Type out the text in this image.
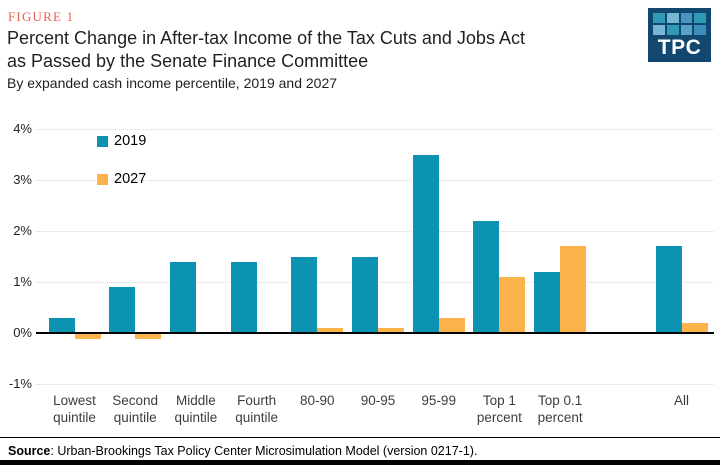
FIGURE 1
Percent Change in After-tax Income of the Tax Cuts and Jobs Act
as Passed by the Senate Finance Committee
By expanded cash income percentile, 2019 and 2027
TPC
4%
3%
2%
1%
0%
-1%
2019
2027
Lowest quintile
Second quintile
Middle quintile
Fourth quintile
80-90	90-95	95-99	Top 1 percent
Top 0.1 percent
All
Source: Urban-Brookings Tax Policy Center Microsimulation Model (version 0217-1).
